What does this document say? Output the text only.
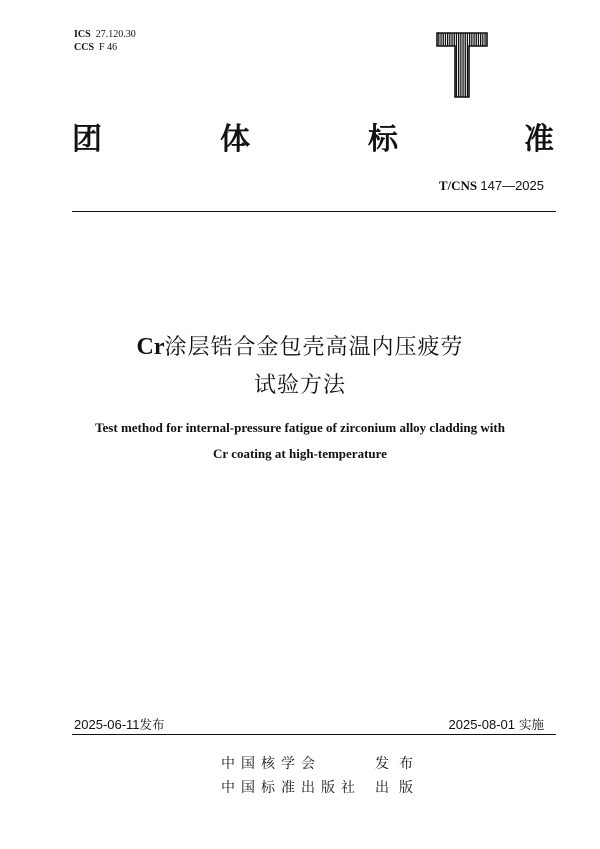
ICS 27.120.30
CCS F 46
团	体	标	准
T/CNS 147—2025
Cr涂层锆合金包壳高温内压疲劳
试验方法
Test method for internal-pressure fatigue of zirconium alloy cladding with
Cr coating at high-temperature
2025-06-11发布	2025-08-01 实施
中国核学会	发布
中国标准出版社 出版
